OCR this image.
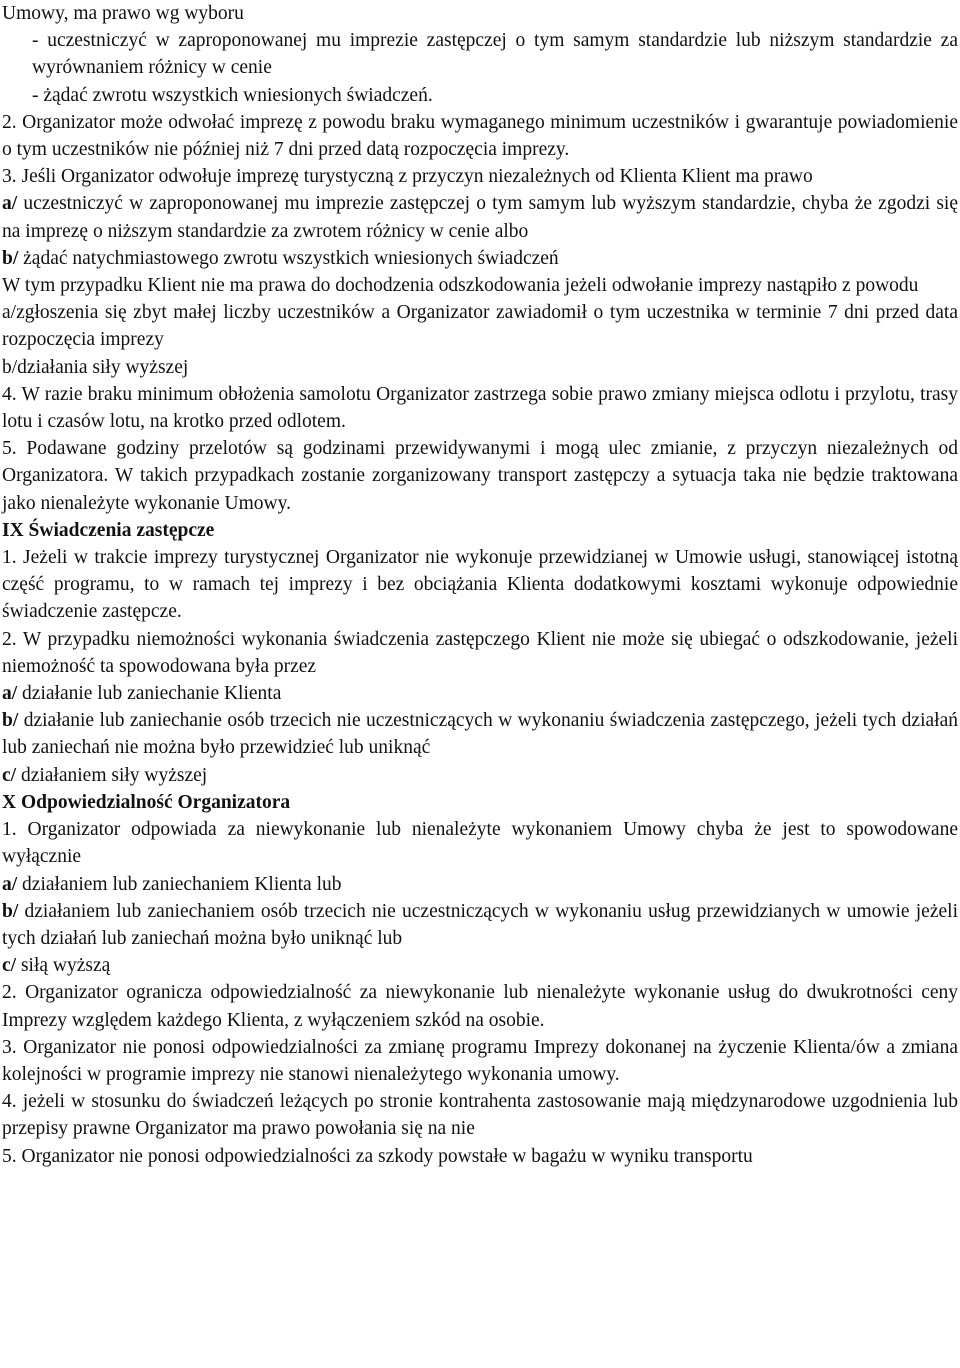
Umowy, ma prawo wg wyboru

- uczestniczyć w zaproponowanej mu imprezie zastępczej o tym samym standardzie lub niższym standardzie za wyrównaniem różnicy w cenie

- żądać zwrotu wszystkich wniesionych świadczeń.

2. Organizator może odwołać imprezę z powodu braku wymaganego minimum uczestników i gwarantuje powiadomienie o tym uczestników nie później niż 7 dni przed datą rozpoczęcia imprezy.

3. Jeśli Organizator odwołuje imprezę turystyczną z przyczyn niezależnych od Klienta Klient ma prawo

a/ uczestniczyć w zaproponowanej mu imprezie zastępczej o tym samym lub wyższym standardzie, chyba że zgodzi się na imprezę o niższym standardzie za zwrotem różnicy w cenie albo

b/ żądać natychmiastowego zwrotu wszystkich wniesionych świadczeń

W tym przypadku Klient nie ma prawa do dochodzenia odszkodowania jeżeli odwołanie imprezy nastąpiło z powodu

a/zgłoszenia się zbyt małej liczby uczestników a Organizator zawiadomił o tym uczestnika w terminie 7 dni przed data rozpoczęcia imprezy

b/działania siły wyższej

4. W razie braku minimum obłożenia samolotu Organizator zastrzega sobie prawo zmiany miejsca odlotu i przylotu, trasy lotu i czasów lotu, na krotko przed odlotem.

5. Podawane godziny przelotów są godzinami przewidywanymi i mogą ulec zmianie, z przyczyn niezależnych od Organizatora. W takich przypadkach zostanie zorganizowany transport zastępczy a sytuacja taka nie będzie traktowana jako nienależyte wykonanie Umowy.

IX Świadczenia zastępcze

1. Jeżeli w trakcie imprezy turystycznej Organizator nie wykonuje przewidzianej w Umowie usługi, stanowiącej istotną część programu, to w ramach tej imprezy i bez obciążania Klienta dodatkowymi kosztami wykonuje odpowiednie świadczenie zastępcze.

2. W przypadku niemożności wykonania świadczenia zastępczego Klient nie może się ubiegać o odszkodowanie, jeżeli niemożność ta spowodowana była przez

a/ działanie lub zaniechanie Klienta

b/ działanie lub zaniechanie osób trzecich nie uczestniczących w wykonaniu świadczenia zastępczego, jeżeli tych działań lub zaniechań nie można było przewidzieć lub uniknąć

c/ działaniem siły wyższej

X Odpowiedzialność Organizatora

1. Organizator odpowiada za niewykonanie lub nienależyte wykonaniem Umowy chyba że jest to spowodowane wyłącznie

a/ działaniem lub zaniechaniem Klienta lub

b/ działaniem lub zaniechaniem osób trzecich nie uczestniczących w wykonaniu usług przewidzianych w umowie jeżeli tych działań lub zaniechań można było uniknąć lub

c/ siłą wyższą

2. Organizator ogranicza odpowiedzialność za niewykonanie lub nienależyte wykonanie usług do dwukrotności ceny Imprezy względem każdego Klienta, z wyłączeniem szkód na osobie.

3. Organizator nie ponosi odpowiedzialności za zmianę programu Imprezy dokonanej na życzenie Klienta/ów a zmiana kolejności w programie imprezy nie stanowi nienależytego wykonania umowy.

4. jeżeli w stosunku do świadczeń leżących po stronie kontrahenta zastosowanie mają międzynarodowe uzgodnienia lub przepisy prawne Organizator ma prawo powołania się na nie

5. Organizator nie ponosi odpowiedzialności za szkody powstałe w bagażu w wyniku transportu
